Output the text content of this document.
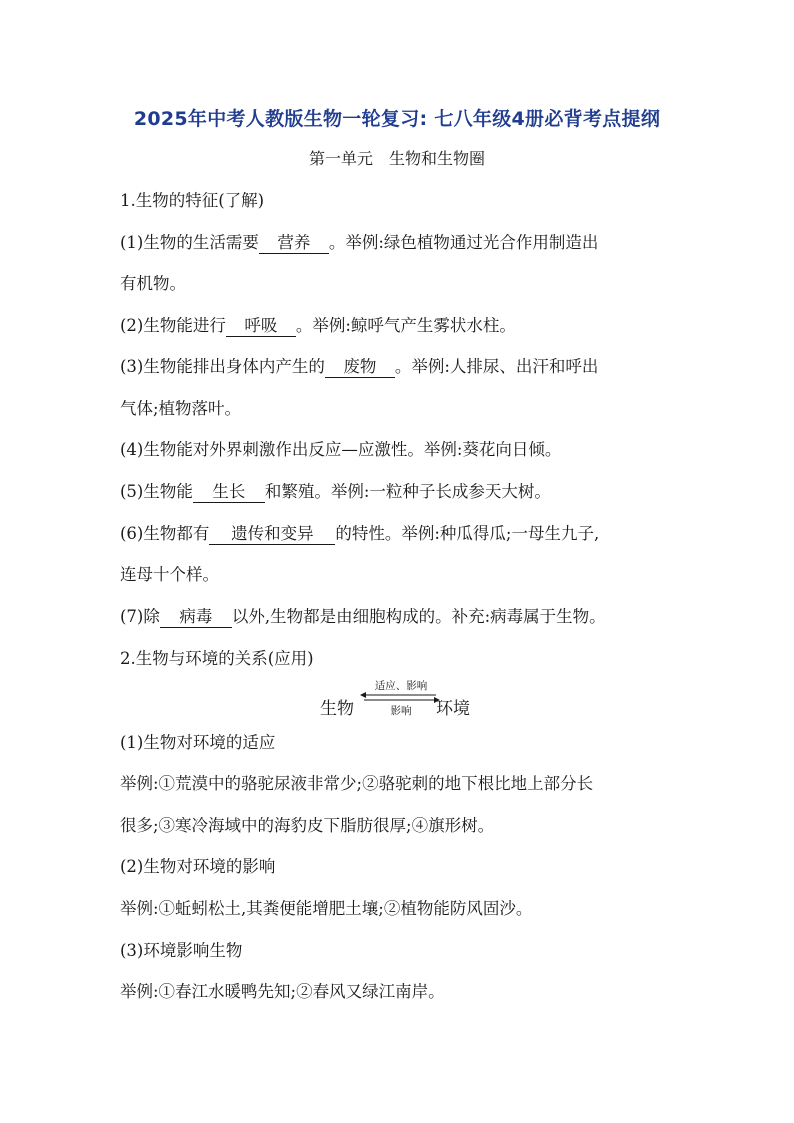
2025年中考人教版生物一轮复习: 七八年级4册必背考点提纲
第一单元　生物和生物圈
1.生物的特征(了解)
(1)生物的生活需要 营养 。举例:绿色植物通过光合作用制造出
有机物。
(2)生物能进行 呼吸 。举例:鲸呼气产生雾状水柱。
(3)生物能排出身体内产生的 废物 。举例:人排尿、出汗和呼出
气体;植物落叶。
(4)生物能对外界刺激作出反应—应激性。举例:葵花向日倾。
(5)生物能 生长 和繁殖。举例:一粒种子长成参天大树。
(6)生物都有 遗传和变异 的特性。举例:种瓜得瓜;一母生九子,
连母十个样。
(7)除 病毒 以外,生物都是由细胞构成的。补充:病毒属于生物。
2.生物与环境的关系(应用)
生物
适应、影响
影响	环境
(1)生物对环境的适应
举例:①荒漠中的骆驼尿液非常少;②骆驼刺的地下根比地上部分长
很多;③寒冷海域中的海豹皮下脂肪很厚;④旗形树。
(2)生物对环境的影响
举例:①蚯蚓松土,其粪便能增肥土壤;②植物能防风固沙。
(3)环境影响生物
举例:①春江水暖鸭先知;②春风又绿江南岸。
